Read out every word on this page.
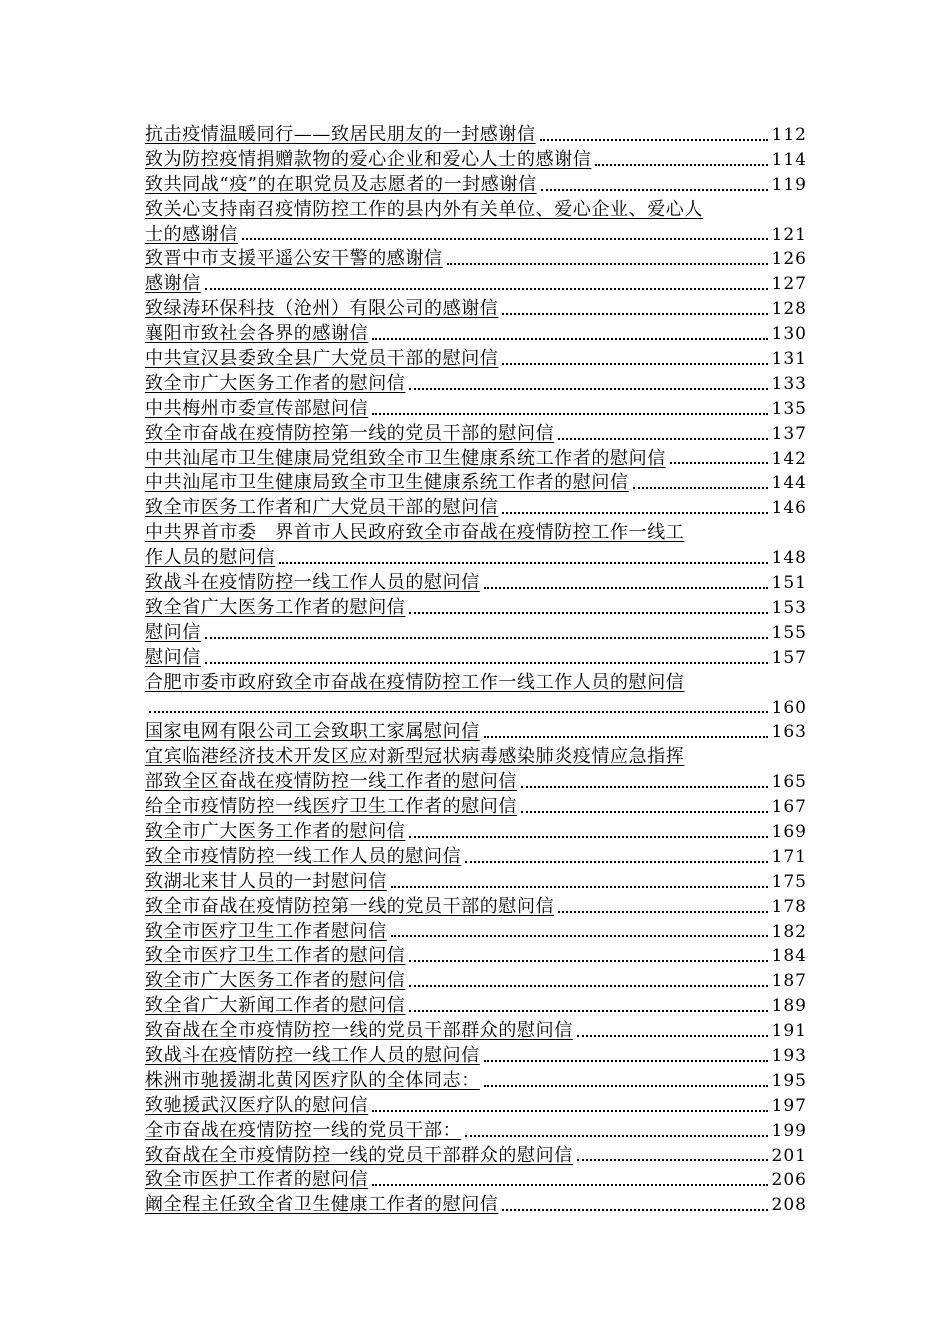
抗击疫情温暖同行——致居民朋友的一封感谢信	112
致为防控疫情捐赠款物的爱心企业和爱心人士的感谢信	114
致共同战“疫”的在职党员及志愿者的一封感谢信	119
致关心支持南召疫情防控工作的县内外有关单位、爱心企业、爱心人
士的感谢信	121
致晋中市支援平遥公安干警的感谢信	126
感谢信	127
致绿涛环保科技（沧州）有限公司的感谢信	128
襄阳市致社会各界的感谢信	130
中共宣汉县委致全县广大党员干部的慰问信	131
致全市广大医务工作者的慰问信	133
中共梅州市委宣传部慰问信	135
致全市奋战在疫情防控第一线的党员干部的慰问信	137
中共汕尾市卫生健康局党组致全市卫生健康系统工作者的慰问信	142
中共汕尾市卫生健康局致全市卫生健康系统工作者的慰问信	144
致全市医务工作者和广大党员干部的慰问信	146
中共界首市委　界首市人民政府致全市奋战在疫情防控工作一线工
作人员的慰问信	148
致战斗在疫情防控一线工作人员的慰问信	151
致全省广大医务工作者的慰问信	153
慰问信	155
慰问信	157
合肥市委市政府致全市奋战在疫情防控工作一线工作人员的慰问信
160
国家电网有限公司工会致职工家属慰问信	163
宜宾临港经济技术开发区应对新型冠状病毒感染肺炎疫情应急指挥
部致全区奋战在疫情防控一线工作者的慰问信	165
给全市疫情防控一线医疗卫生工作者的慰问信	167
致全市广大医务工作者的慰问信	169
致全市疫情防控一线工作人员的慰问信	171
致湖北来甘人员的一封慰问信	175
致全市奋战在疫情防控第一线的党员干部的慰问信	178
致全市医疗卫生工作者慰问信	182
致全市医疗卫生工作者的慰问信	184
致全市广大医务工作者的慰问信	187
致全省广大新闻工作者的慰问信	189
致奋战在全市疫情防控一线的党员干部群众的慰问信	191
致战斗在疫情防控一线工作人员的慰问信	193
株洲市驰援湖北黄冈医疗队的全体同志：	195
致驰援武汉医疗队的慰问信	197
全市奋战在疫情防控一线的党员干部：	199
致奋战在全市疫情防控一线的党员干部群众的慰问信	201
致全市医护工作者的慰问信	206
阚全程主任致全省卫生健康工作者的慰问信	208
